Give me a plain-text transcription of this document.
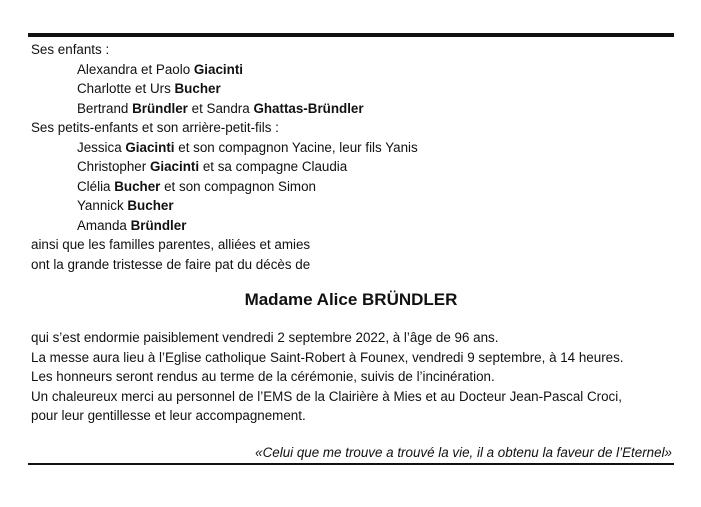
Ses enfants :
Alexandra et Paolo Giacinti
Charlotte et Urs Bucher
Bertrand Bründler et Sandra Ghattas-Bründler
Ses petits-enfants et son arrière-petit-fils :
Jessica Giacinti et son compagnon Yacine, leur fils Yanis
Christopher Giacinti et sa compagne Claudia
Clélia Bucher et son compagnon Simon
Yannick Bucher
Amanda Bründler
ainsi que les familles parentes, alliées et amies
ont la grande tristesse de faire pat du décès de
Madame Alice BRÜNDLER
qui s’est endormie paisiblement vendredi 2 septembre 2022, à l’âge de 96 ans.
La messe aura lieu à l’Eglise catholique Saint-Robert à Founex, vendredi 9 septembre, à 14 heures.
Les honneurs seront rendus au terme de la cérémonie, suivis de l’incinération.
Un chaleureux merci au personnel de l’EMS de la Clairière à Mies et au Docteur Jean-Pascal Croci,
pour leur gentillesse et leur accompagnement.
«Celui que me trouve a trouvé la vie, il a obtenu la faveur de l’Eternel»
